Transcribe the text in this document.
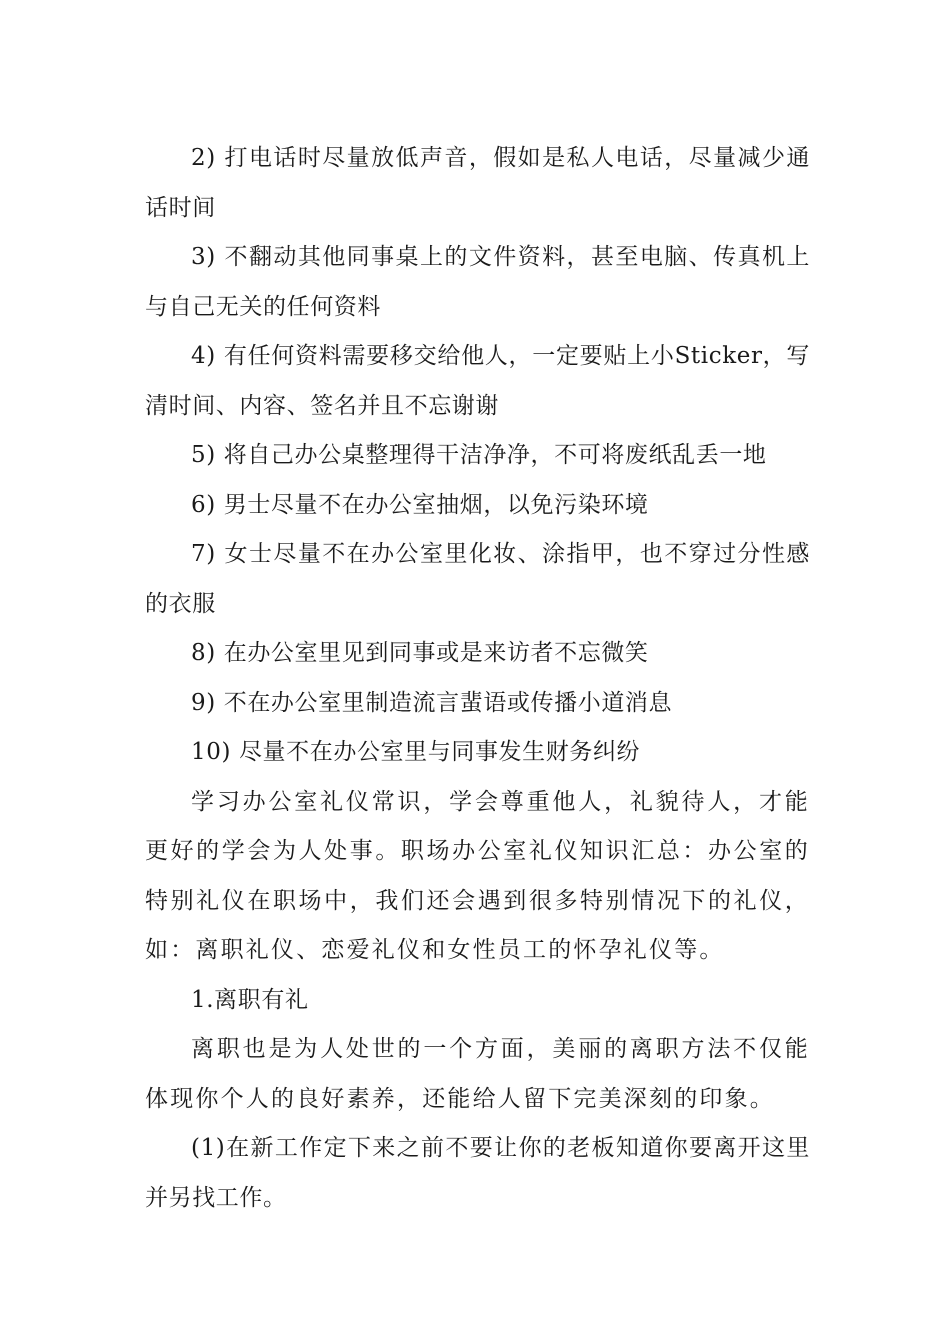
2) 打电话时尽量放低声音，假如是私人电话，尽量减少通话时间

3) 不翻动其他同事桌上的文件资料，甚至电脑、传真机上与自己无关的任何资料

4) 有任何资料需要移交给他人，一定要贴上小Sticker，写清时间、内容、签名并且不忘谢谢

5) 将自己办公桌整理得干洁净净，不可将废纸乱丢一地

6) 男士尽量不在办公室抽烟，以免污染环境

7) 女士尽量不在办公室里化妆、涂指甲，也不穿过分性感的衣服

8) 在办公室里见到同事或是来访者不忘微笑

9) 不在办公室里制造流言蜚语或传播小道消息

10) 尽量不在办公室里与同事发生财务纠纷

学习办公室礼仪常识，学会尊重他人，礼貌待人，才能更好的学会为人处事。职场办公室礼仪知识汇总：办公室的特别礼仪在职场中，我们还会遇到很多特别情况下的礼仪，如：离职礼仪、恋爱礼仪和女性员工的怀孕礼仪等。

1.离职有礼

离职也是为人处世的一个方面，美丽的离职方法不仅能体现你个人的良好素养，还能给人留下完美深刻的印象。

(1)在新工作定下来之前不要让你的老板知道你要离开这里并另找工作。
